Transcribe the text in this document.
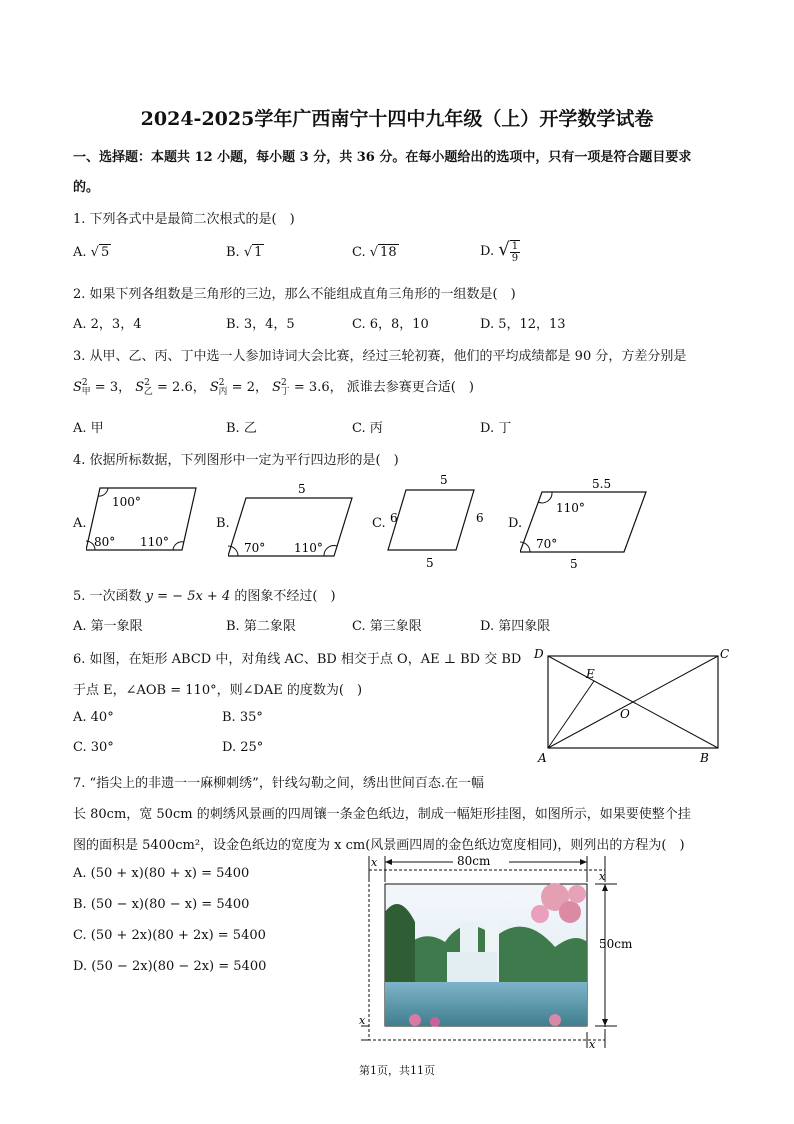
2024-2025学年广西南宁十四中九年级（上）开学数学试卷
一、选择题：本题共 12 小题，每小题 3 分，共 36 分。在每小题给出的选项中，只有一项是符合题目要求
的。
1. 下列各式中是最简二次根式的是(　)
A. √ 5	B. √ 1	C. √ 18	D. √ $\frac{1}{9}$
2. 如果下列各组数是三角形的三边，那么不能组成直角三角形的一组数是(　)
A. 2，3，4	B. 3，4，5	C. 6，8，10	D. 5，12，13
3. 从甲、乙、丙、丁中选一人参加诗词大会比赛，经过三轮初赛，他们的平均成绩都是 90 分，方差分别是
$S^2_甲 = 3$， $S^2_乙 = 2.6$， $S^2_丙 = 2$， $S^2_丁 = 3.6$， 派谁去参赛更合适(　)
A. 甲	B. 乙	C. 丙	D. 丁
4. 依据所标数据，下列图形中一定为平行四边形的是(　)
A.
100°
80° 110°
B.
5
70° 110°
C.
5
6	6
5
D.
5.5
110°
70°
5
5. 一次函数 y = − 5x + 4 的图象不经过(　)
A. 第一象限	B. 第二象限	C. 第三象限	D. 第四象限
6. 如图，在矩形 ABCD 中，对角线 AC、BD 相交于点 O，AE ⊥ BD 交 BD
于点 E，∠AOB = 110°，则∠DAE 的度数为(　)
A. 40°	B. 35°
C. 30°	D. 25°
D	C
E
O
A	B
7. “指尖上的非遗一一麻柳刺绣”，针线勾勒之间，绣出世间百态.在一幅
长 80cm，宽 50cm 的刺绣风景画的四周镶一条金色纸边，制成一幅矩形挂图，如图所示，如果要使整个挂
图的面积是 5400cm²，设金色纸边的宽度为 x cm(风景画四周的金色纸边宽度相同)，则列出的方程为(　)
A. (50 + x)(80 + x) = 5400
B. (50 − x)(80 − x) = 5400
C. (50 + 2x)(80 + 2x) = 5400
D. (50 − 2x)(80 − 2x) = 5400
80cm
x
50cm
x
x
x
第1页，共11页
